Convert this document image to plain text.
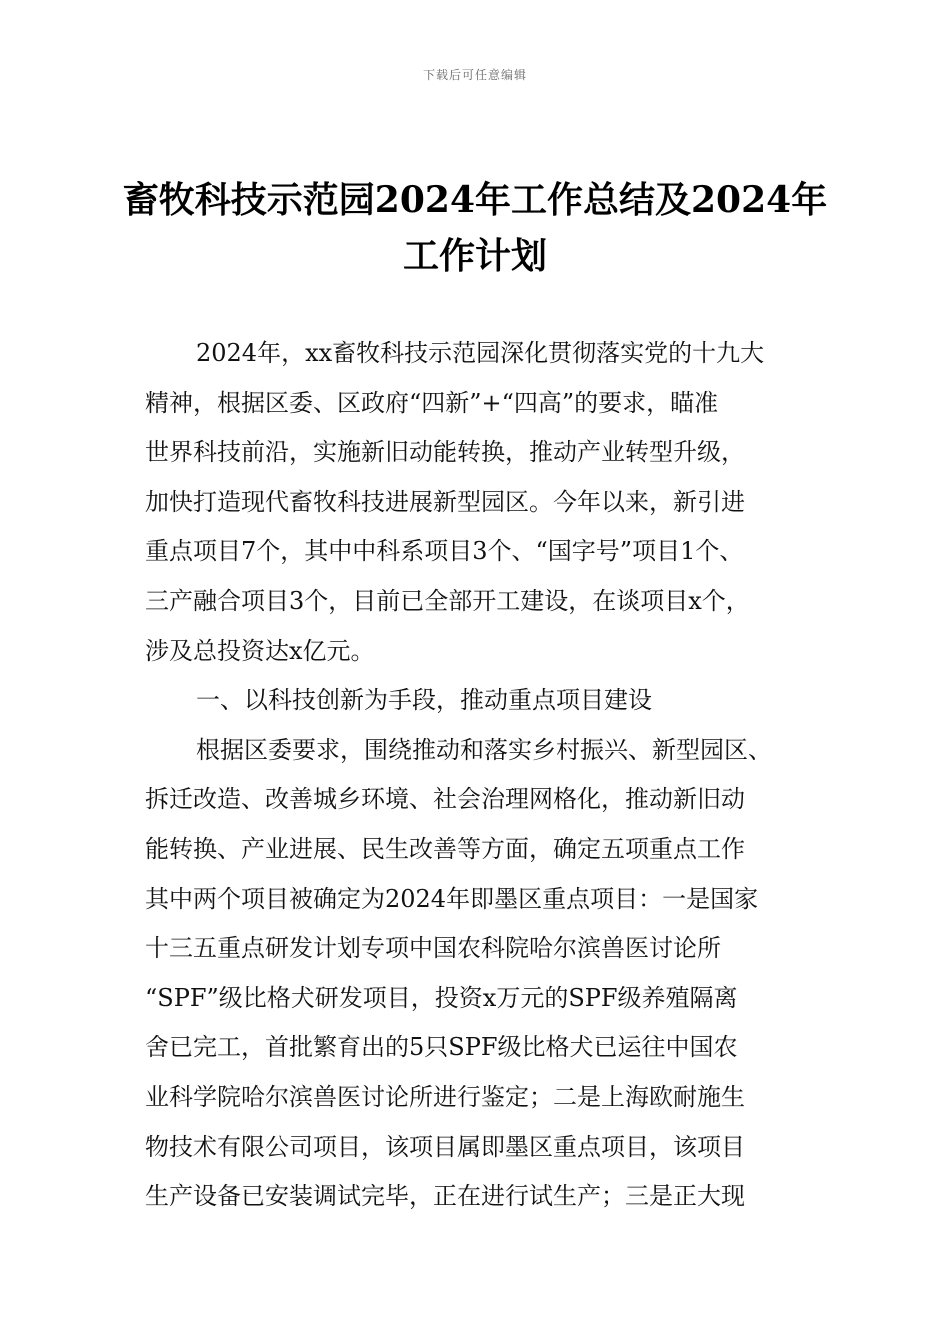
下载后可任意编辑
畜牧科技示范园2024年工作总结及2024年
工作计划
2024年，xx畜牧科技示范园深化贯彻落实党的十九大
精神，根据区委、区政府“四新”+“四高”的要求，瞄准
世界科技前沿，实施新旧动能转换，推动产业转型升级，
加快打造现代畜牧科技进展新型园区。今年以来，新引进
重点项目7个，其中中科系项目3个、“国字号”项目1个、
三产融合项目3个，目前已全部开工建设，在谈项目x个，
涉及总投资达x亿元。
一、以科技创新为手段，推动重点项目建设
根据区委要求，围绕推动和落实乡村振兴、新型园区、
拆迁改造、改善城乡环境、社会治理网格化，推动新旧动
能转换、产业进展、民生改善等方面，确定五项重点工作
其中两个项目被确定为2024年即墨区重点项目：一是国家
十三五重点研发计划专项中国农科院哈尔滨兽医讨论所
“SPF”级比格犬研发项目，投资x万元的SPF级养殖隔离
舍已完工，首批繁育出的5只SPF级比格犬已运往中国农
业科学院哈尔滨兽医讨论所进行鉴定；二是上海欧耐施生
物技术有限公司项目，该项目属即墨区重点项目，该项目
生产设备已安装调试完毕，正在进行试生产；三是正大现
